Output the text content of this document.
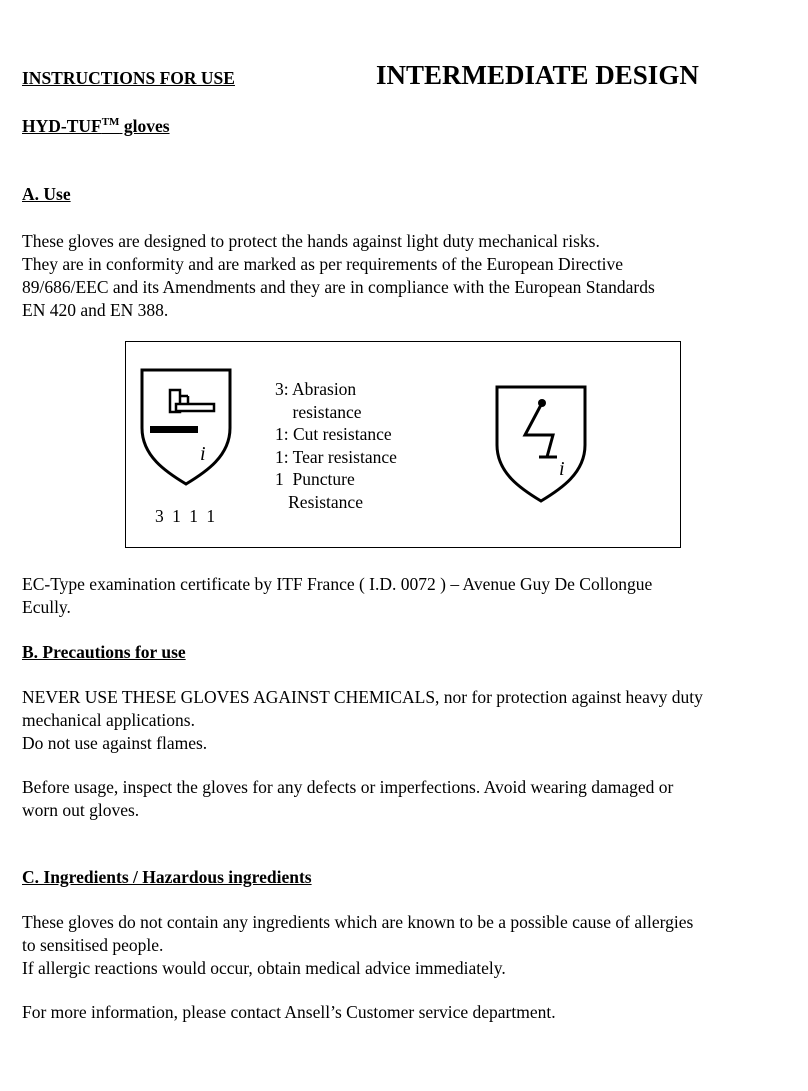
INSTRUCTIONS FOR USE	INTERMEDIATE DESIGN
HYD-TUF™ gloves
A. Use
These gloves are designed to protect the hands against light duty mechanical risks.
They are in conformity and are marked as per requirements of the European Directive
89/686/EEC and its Amendments and they are in compliance with the European Standards
EN 420 and EN 388.
i
i
3 1 1 1
3: Abrasion
resistance
1: Cut resistance
1: Tear resistance
1  Puncture
Resistance
EC-Type examination certificate by ITF France ( I.D. 0072 ) – Avenue Guy De Collongue
Ecully.
B. Precautions for use
NEVER USE THESE GLOVES AGAINST CHEMICALS, nor for protection against heavy duty
mechanical applications.
Do not use against flames.
Before usage, inspect the gloves for any defects or imperfections. Avoid wearing damaged or
worn out gloves.
C. Ingredients / Hazardous ingredients
These gloves do not contain any ingredients which are known to be a possible cause of allergies
to sensitised people.
If allergic reactions would occur, obtain medical advice immediately.
For more information, please contact Ansell’s Customer service department.
